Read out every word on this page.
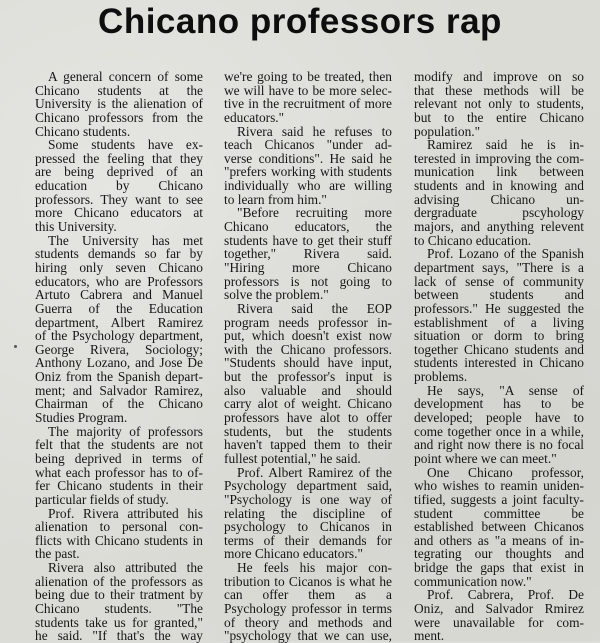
Chicano professors rap
A general concern of some
Chicano students at the
University is the alienation of
Chicano professors from the
Chicano students.
Some students have ex-
pressed the feeling that they
are being deprived of an
education by Chicano
professors. They want to see
more Chicano educators at
this University.
The University has met
students demands so far by
hiring only seven Chicano
educators, who are Professors
Artuto Cabrera and Manuel
Guerra of the Education
department, Albert Ramirez
of the Psychology department,
George Rivera, Sociology;
Anthony Lozano, and Jose De
Oniz from the Spanish depart-
ment; and Salvador Ramirez,
Chairman of the Chicano
Studies Program.
The majority of professors
felt that the students are not
being deprived in terms of
what each professor has to of-
fer Chicano students in their
particular fields of study.
Prof. Rivera attributed his
alienation to personal con-
flicts with Chicano students in
the past.
Rivera also attributed the
alienation of the professors as
being due to their tratment by
Chicano students. "The
students take us for granted,"
he said. "If that's the way
we're going to be treated, then
we will have to be more selec-
tive in the recruitment of more
educators."
Rivera said he refuses to
teach Chicanos "under ad-
verse conditions". He said he
"prefers working with students
individually who are willing
to learn from him."
"Before recruiting more
Chicano educators, the
students have to get their stuff
together," Rivera said.
"Hiring more Chicano
professors is not going to
solve the problem."
Rivera said the EOP
program needs professor in-
put, which doesn't exist now
with the Chicano professors.
"Students should have input,
but the professor's input is
also valuable and should
carry alot of weight. Chicano
professors have alot to offer
students, but the students
haven't tapped them to their
fullest potential," he said.
Prof. Albert Ramirez of the
Psychology department said,
"Psychology is one way of
relating the discipline of
psychology to Chicanos in
terms of their demands for
more Chicano educators."
He feels his major con-
tribution to Cicanos is what he
can offer them as a
Psychology professor in terms
of theory and methods and
"psychology that we can use,
modify and improve on so
that these methods will be
relevant not only to students,
but to the entire Chicano
population."
Ramirez said he is in-
terested in improving the com-
munication link between
students and in knowing and
advising Chicano un-
dergraduate pscyhology
majors, and anything relevent
to Chicano education.
Prof. Lozano of the Spanish
department says, "There is a
lack of sense of community
between students and
professors." He suggested the
establishment of a living
situation or dorm to bring
together Chicano students and
students interested in Chicano
problems.
He says, "A sense of
development has to be
developed; people have to
come together once in a while,
and right now there is no focal
point where we can meet."
One Chicano professor,
who wishes to reamin uniden-
tified, suggests a joint faculty-
student committee be
established between Chicanos
and others as "a means of in-
tegrating our thoughts and
bridge the gaps that exist in
communication now."
Prof. Cabrera, Prof. De
Oniz, and Salvador Rmirez
were unavailable for com-
ment.
